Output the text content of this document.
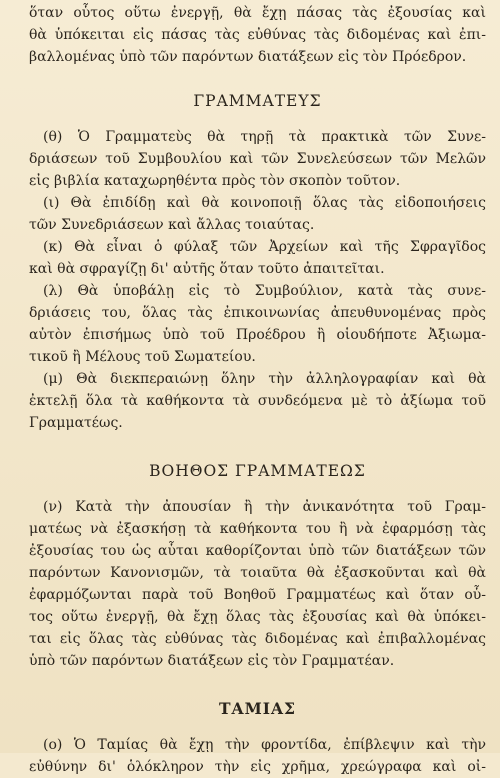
ὅταν οὗτος οὕτω ἐνεργῇ, θὰ ἔχῃ πάσας τὰς ἐξουσίας καὶ
θὰ ὑπόκειται εἰς πάσας τὰς εὐθύνας τὰς διδομένας καὶ ἐπι-
βαλλομένας ὑπὸ τῶν παρόντων διατάξεων εἰς τὸν Πρόεδρον.
ΓΡΑΜΜΑΤΕΥΣ
(θ) Ὁ Γραμματεὺς θὰ τηρῇ τὰ πρακτικὰ τῶν Συνε-
δριάσεων τοῦ Συμβουλίου καὶ τῶν Συνελεύσεων τῶν Μελῶν
εἰς βιβλία καταχωρηθέντα πρὸς τὸν σκοπὸν τοῦτον.
(ι) Θὰ ἐπιδίδῃ καὶ θὰ κοινοποιῇ ὅλας τὰς εἰδοποιήσεις
τῶν Συνεδριάσεων καὶ ἄλλας τοιαύτας.
(κ) Θὰ εἶναι ὁ φύλαξ τῶν Ἀρχείων καὶ τῆς Σφραγῖδος
καὶ θὰ σφραγίζῃ δι' αὐτῆς ὅταν τοῦτο ἀπαιτεῖται.
(λ) Θὰ ὑποβάλῃ εἰς τὸ Συμβούλιον, κατὰ τὰς συνε-
δριάσεις του, ὅλας τὰς ἐπικοινωνίας ἀπευθυνομένας πρὸς
αὐτὸν ἐπισήμως ὑπὸ τοῦ Προέδρου ἢ οἱουδήποτε Ἀξιωμα-
τικοῦ ἢ Μέλους τοῦ Σωματείου.
(μ) Θὰ διεκπεραιώνῃ ὅλην τὴν ἀλληλογραφίαν καὶ θὰ
ἐκτελῇ ὅλα τὰ καθήκοντα τὰ συνδεόμενα μὲ τὸ ἀξίωμα τοῦ
Γραμματέως.
ΒΟΗΘΟΣ ΓΡΑΜΜΑΤΕΩΣ
(ν) Κατὰ τὴν ἀπουσίαν ἢ τὴν ἀνικανότητα τοῦ Γραμ-
ματέως νὰ ἐξασκήσῃ τὰ καθήκοντα του ἢ νὰ ἐφαρμόσῃ τὰς
ἐξουσίας του ὡς αὗται καθορίζονται ὑπὸ τῶν διατάξεων τῶν
παρόντων Κανονισμῶν, τὰ τοιαῦτα θὰ ἐξασκοῦνται καὶ θὰ
ἐφαρμόζωνται παρὰ τοῦ Βοηθοῦ Γραμματέως καὶ ὅταν οὗ-
τος οὕτω ἐνεργῇ, θὰ ἔχῃ ὅλας τὰς ἐξουσίας καὶ θὰ ὑπόκει-
ται εἰς ὅλας τὰς εὐθύνας τὰς διδομένας καὶ ἐπιβαλλομένας
ὑπὸ τῶν παρόντων διατάξεων εἰς τὸν Γραμματέαν.
ΤΑΜΙΑΣ
(ο) Ὁ Ταμίας θὰ ἔχῃ τὴν φροντίδα, ἐπίβλεψιν καὶ τὴν
εὐθύνην δι' ὁλόκληρον τὴν εἰς χρῆμα, χρεώγραφα καὶ οἰ-
